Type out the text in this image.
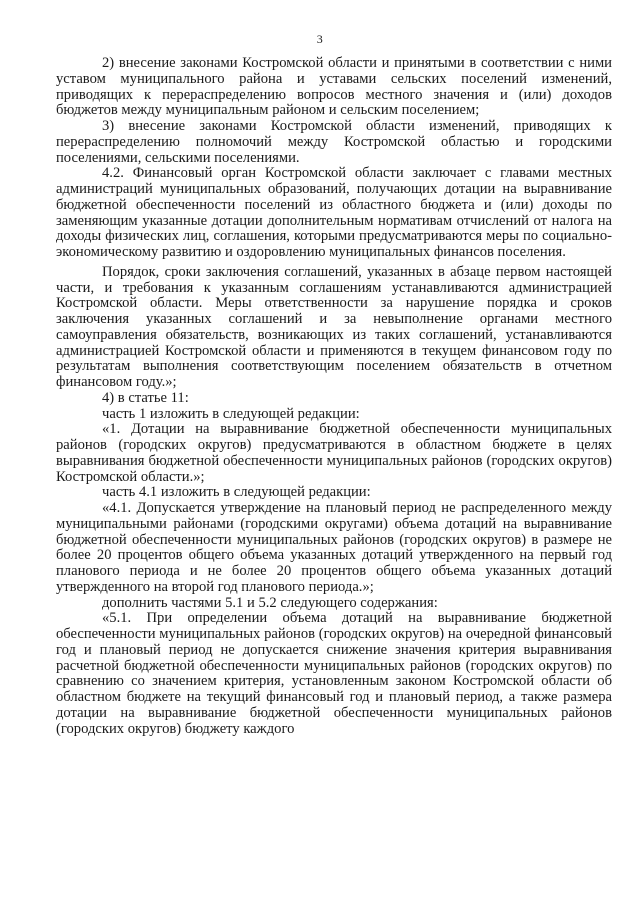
3

2) внесение законами Костромской области и принятыми в соответствии с ними уставом муниципального района и уставами сельских поселений изменений, приводящих к перераспределению вопросов местного значения и (или) доходов бюджетов между муниципальным районом и сельским поселением;

3) внесение законами Костромской области изменений, приводящих к перераспределению полномочий между Костромской областью и городскими поселениями, сельскими поселениями.

4.2. Финансовый орган Костромской области заключает с главами местных администраций муниципальных образований, получающих дотации на выравнивание бюджетной обеспеченности поселений из областного бюджета и (или) доходы по заменяющим указанные дотации дополнительным нормативам отчислений от налога на доходы физических лиц, соглашения, которыми предусматриваются меры по социально-экономическому развитию и оздоровлению муниципальных финансов поселения.

Порядок, сроки заключения соглашений, указанных в абзаце первом настоящей части, и требования к указанным соглашениям устанавливаются администрацией Костромской области. Меры ответственности за нарушение порядка и сроков заключения указанных соглашений и за невыполнение органами местного самоуправления обязательств, возникающих из таких соглашений, устанавливаются администрацией Костромской области и применяются в текущем финансовом году по результатам выполнения соответствующим поселением обязательств в отчетном финансовом году.»;

4) в статье 11:

часть 1 изложить в следующей редакции:

«1. Дотации на выравнивание бюджетной обеспеченности муниципальных районов (городских округов) предусматриваются в областном бюджете в целях выравнивания бюджетной обеспеченности муниципальных районов (городских округов) Костромской области.»;

часть 4.1 изложить в следующей редакции:

«4.1. Допускается утверждение на плановый период не распределенного между муниципальными районами (городскими округами) объема дотаций на выравнивание бюджетной обеспеченности муниципальных районов (городских округов) в размере не более 20 процентов общего объема указанных дотаций утвержденного на первый год планового периода и не более 20 процентов общего объема указанных дотаций утвержденного на второй год планового периода.»;

дополнить частями 5.1 и 5.2 следующего содержания:

«5.1. При определении объема дотаций на выравнивание бюджетной обеспеченности муниципальных районов (городских округов) на очередной финансовый год и плановый период не допускается снижение значения критерия выравнивания расчетной бюджетной обеспеченности муниципальных районов (городских округов) по сравнению со значением критерия, установленным законом Костромской области об областном бюджете на текущий финансовый год и плановый период, а также размера дотации на выравнивание бюджетной обеспеченности муниципальных районов (городских округов) бюджету каждого
